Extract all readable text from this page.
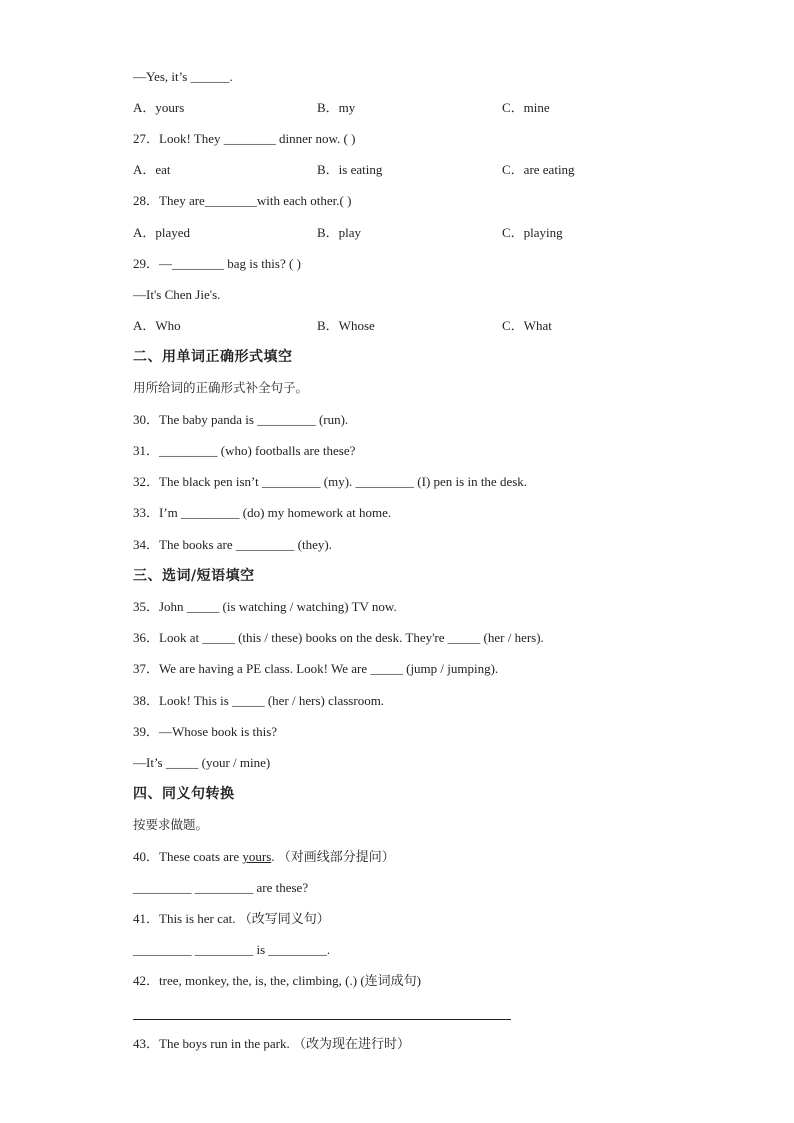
—Yes, it’s ______.
A．yours	B．my	C．mine
27．Look! They ________ dinner now. ( )
A．eat	B．is eating	C．are eating
28．They are________with each other.( )
A．played	B．play	C．playing
29．—________ bag is this? ( )
—It's Chen Jie's.
A．Who	B．Whose	C．What
二、用单词正确形式填空
用所给词的正确形式补全句子。
30．The baby panda is _________ (run).
31．_________ (who) footballs are these?
32．The black pen isn’t _________ (my). _________ (I) pen is in the desk.
33．I’m _________ (do) my homework at home.
34．The books are _________ (they).
三、选词/短语填空
35．John _____ (is watching / watching) TV now.
36．Look at _____ (this / these) books on the desk. They're _____ (her / hers).
37．We are having a PE class. Look! We are _____ (jump / jumping).
38．Look! This is _____ (her / hers) classroom.
39．—Whose book is this?
—It’s _____ (your / mine)
四、同义句转换
按要求做题。
40．These coats are yours. （对画线部分提问）
_________ _________ are these?
41．This is her cat. （改写同义句）
_________ _________ is _________.
42．tree, monkey, the, is, the, climbing, (.) (连词成句)
43．The boys run in the park. （改为现在进行时）
